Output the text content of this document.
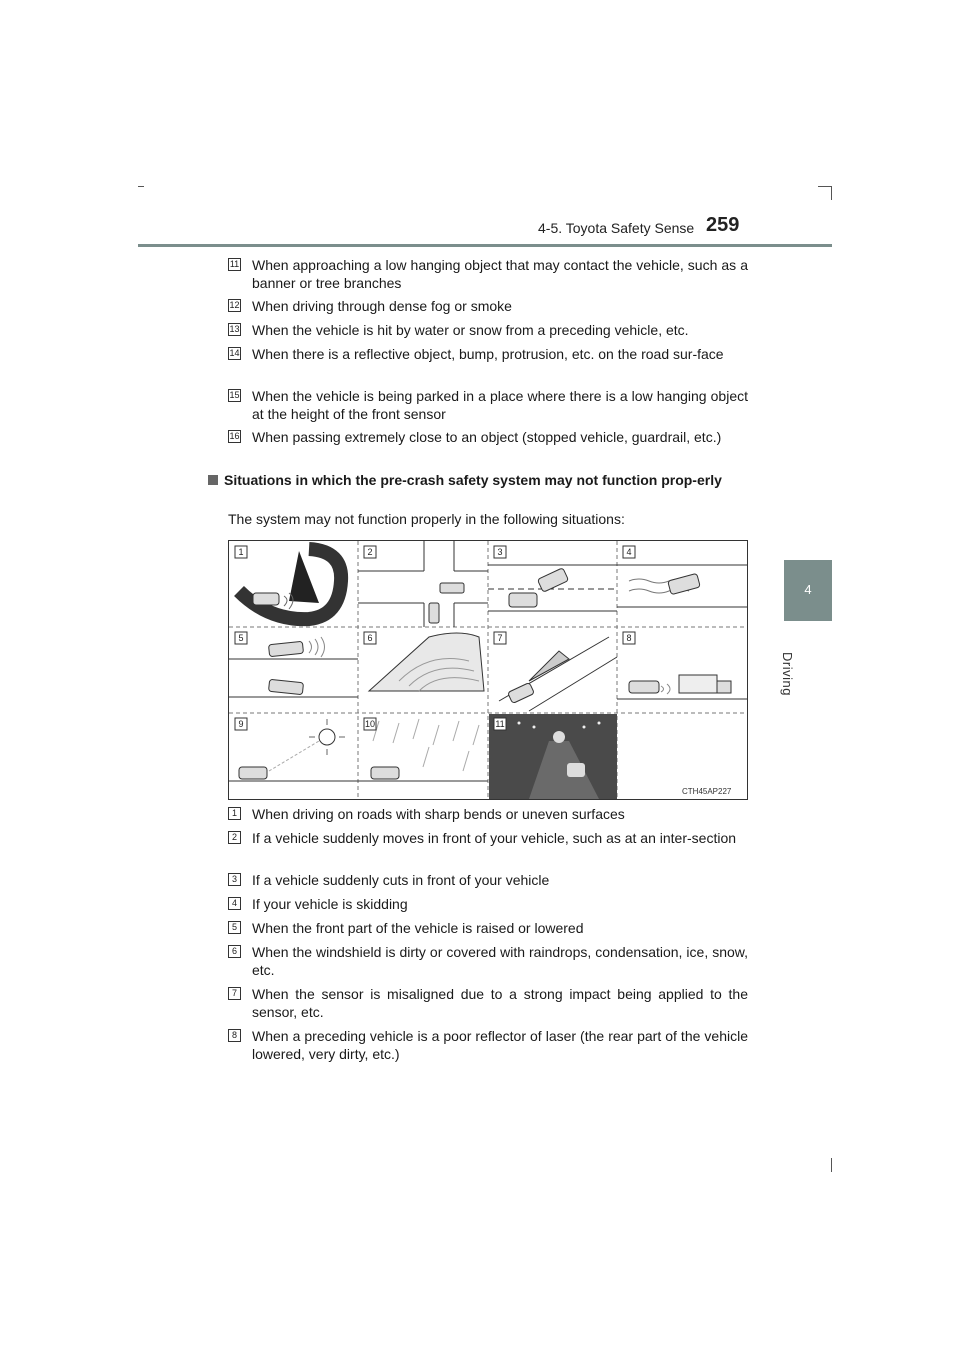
4-5. Toyota Safety Sense 259
4
Driving
11 When approaching a low hanging object that may contact the vehicle, such as a banner or tree branches
12 When driving through dense fog or smoke
13 When the vehicle is hit by water or snow from a preceding vehicle, etc.
14 When there is a reflective object, bump, protrusion, etc. on the road sur-face
15 When the vehicle is being parked in a place where there is a low hanging object at the height of the front sensor
16 When passing extremely close to an object (stopped vehicle, guardrail, etc.)
Situations in which the pre-crash safety system may not function prop-erly
The system may not function properly in the following situations:
1	2	3	4
5	6	7	8
9	10	11
CTH45AP227
1 When driving on roads with sharp bends or uneven surfaces
2 If a vehicle suddenly moves in front of your vehicle, such as at an inter-section
3 If a vehicle suddenly cuts in front of your vehicle
4 If your vehicle is skidding
5 When the front part of the vehicle is raised or lowered
6 When the windshield is dirty or covered with raindrops, condensation, ice, snow, etc.
7 When the sensor is misaligned due to a strong impact being applied to the sensor, etc.
8 When a preceding vehicle is a poor reflector of laser (the rear part of the vehicle lowered, very dirty, etc.)
